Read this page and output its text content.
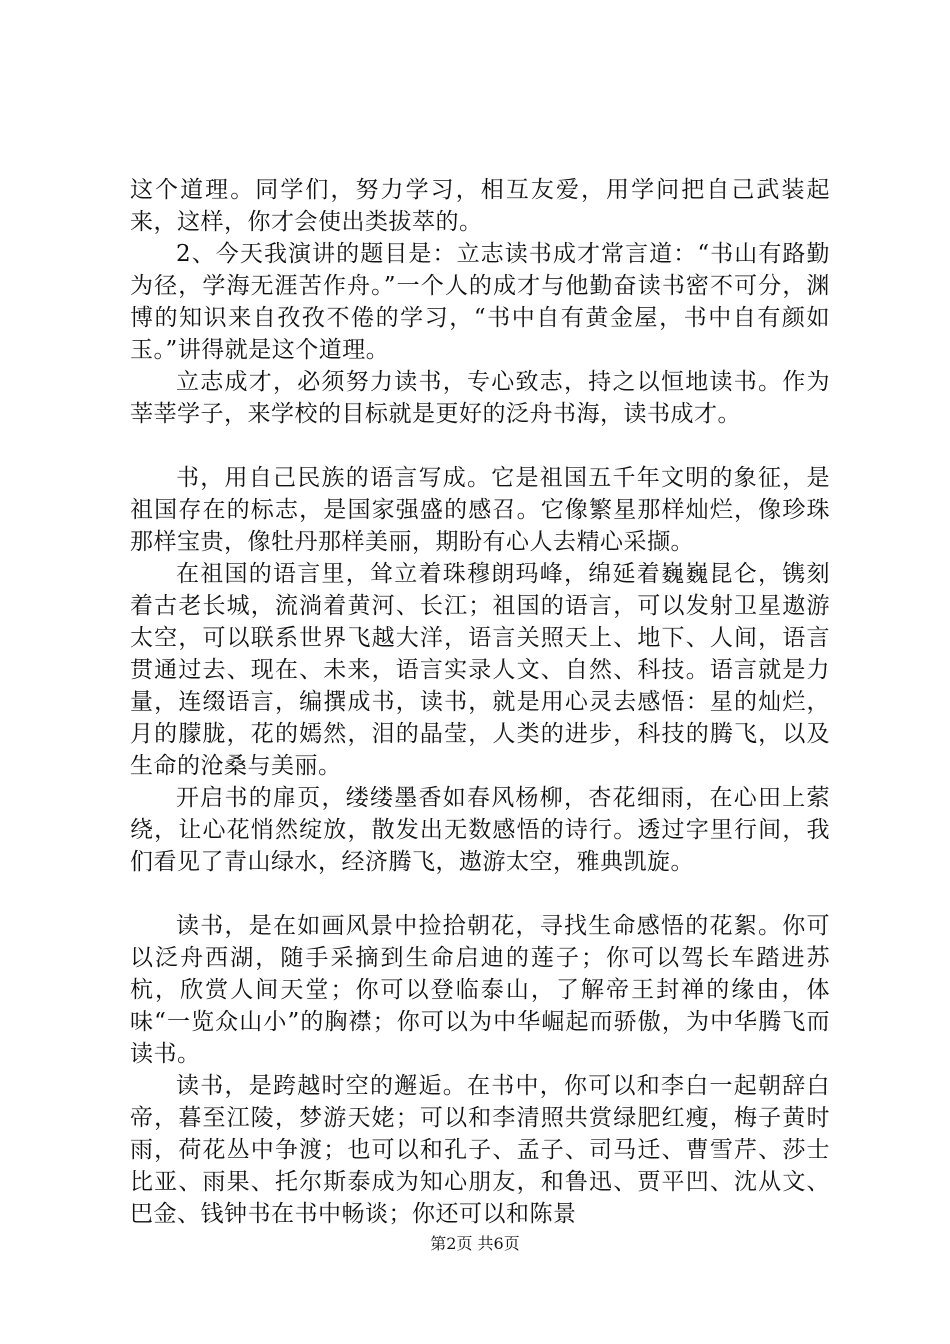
这个道理。同学们，努力学习，相互友爱，用学问把自己武装起来，这样，你才会使出类拔萃的。

2、今天我演讲的题目是：立志读书成才常言道：“书山有路勤为径，学海无涯苦作舟。”一个人的成才与他勤奋读书密不可分，渊博的知识来自孜孜不倦的学习，“书中自有黄金屋，书中自有颜如玉。”讲得就是这个道理。

立志成才，必须努力读书，专心致志，持之以恒地读书。作为莘莘学子，来学校的目标就是更好的泛舟书海，读书成才。

书，用自己民族的语言写成。它是祖国五千年文明的象征，是祖国存在的标志，是国家强盛的感召。它像繁星那样灿烂，像珍珠那样宝贵，像牡丹那样美丽，期盼有心人去精心采撷。

在祖国的语言里，耸立着珠穆朗玛峰，绵延着巍巍昆仑，镌刻着古老长城，流淌着黄河、长江；祖国的语言，可以发射卫星遨游太空，可以联系世界飞越大洋，语言关照天上、地下、人间，语言贯通过去、现在、未来，语言实录人文、自然、科技。语言就是力量，连缀语言，编撰成书，读书，就是用心灵去感悟：星的灿烂，月的朦胧，花的嫣然，泪的晶莹，人类的进步，科技的腾飞，以及生命的沧桑与美丽。

开启书的扉页，缕缕墨香如春风杨柳，杏花细雨，在心田上萦绕，让心花悄然绽放，散发出无数感悟的诗行。透过字里行间，我们看见了青山绿水，经济腾飞，遨游太空，雅典凯旋。

读书，是在如画风景中捡拾朝花，寻找生命感悟的花絮。你可以泛舟西湖，随手采摘到生命启迪的莲子；你可以驾长车踏进苏杭，欣赏人间天堂；你可以登临泰山，了解帝王封禅的缘由，体味“一览众山小”的胸襟；你可以为中华崛起而骄傲，为中华腾飞而读书。

读书，是跨越时空的邂逅。在书中，你可以和李白一起朝辞白帝，暮至江陵，梦游天姥；可以和李清照共赏绿肥红瘦，梅子黄时雨，荷花丛中争渡；也可以和孔子、孟子、司马迁、曹雪芹、莎士比亚、雨果、托尔斯泰成为知心朋友，和鲁迅、贾平凹、沈从文、巴金、钱钟书在书中畅谈；你还可以和陈景

第2页 共6页
